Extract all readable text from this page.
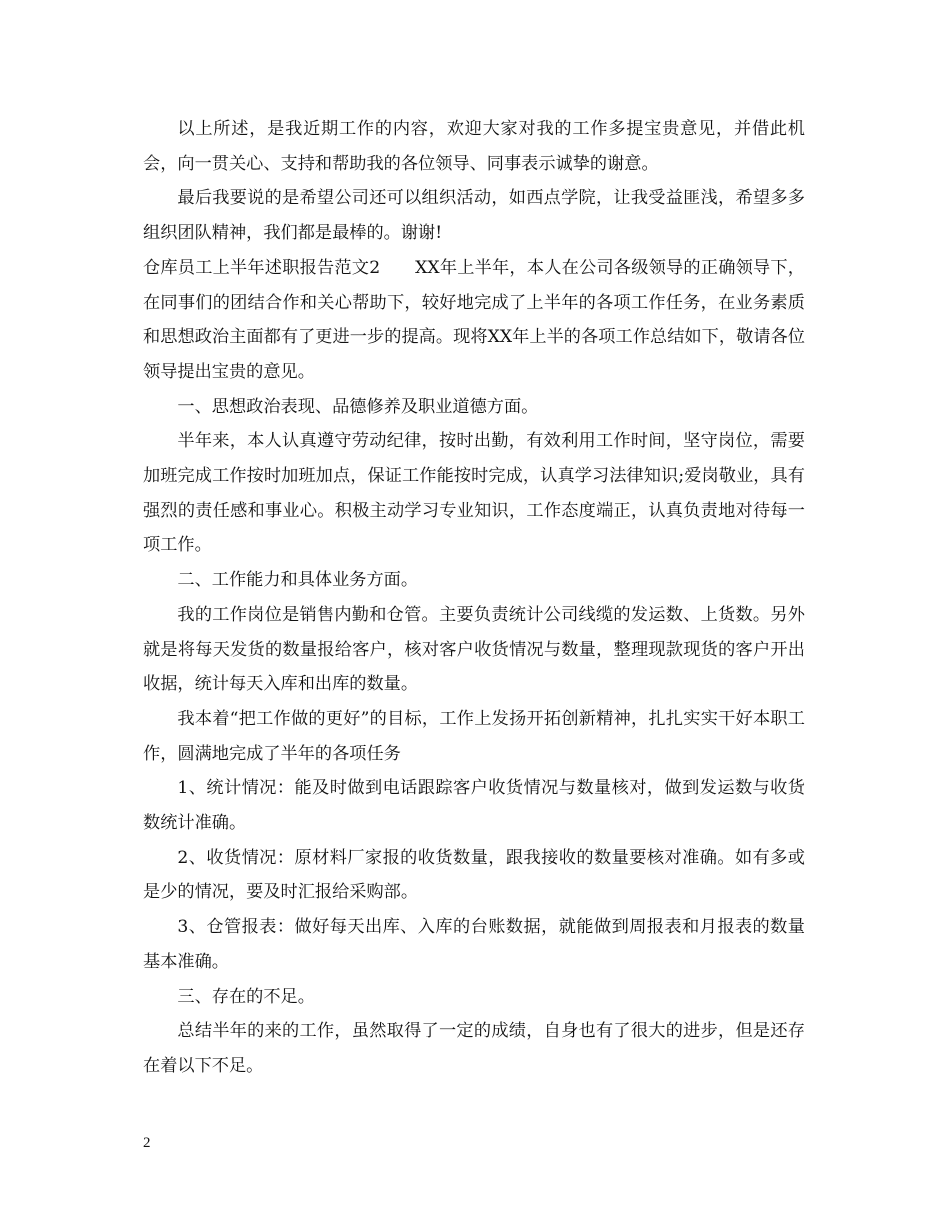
以上所述，是我近期工作的内容，欢迎大家对我的工作多提宝贵意见，并借此机会，向一贯关心、支持和帮助我的各位领导、同事表示诚挚的谢意。

最后我要说的是希望公司还可以组织活动，如西点学院，让我受益匪浅，希望多多组织团队精神，我们都是最棒的。谢谢!

仓库员工上半年述职报告范文2　　XX年上半年，本人在公司各级领导的正确领导下，在同事们的团结合作和关心帮助下，较好地完成了上半年的各项工作任务，在业务素质和思想政治主面都有了更进一步的提高。现将XX年上半的各项工作总结如下，敬请各位领导提出宝贵的意见。

一、思想政治表现、品德修养及职业道德方面。

半年来，本人认真遵守劳动纪律，按时出勤，有效利用工作时间，坚守岗位，需要加班完成工作按时加班加点，保证工作能按时完成，认真学习法律知识;爱岗敬业，具有强烈的责任感和事业心。积极主动学习专业知识，工作态度端正，认真负责地对待每一项工作。

二、工作能力和具体业务方面。

我的工作岗位是销售内勤和仓管。主要负责统计公司线缆的发运数、上货数。另外就是将每天发货的数量报给客户，核对客户收货情况与数量，整理现款现货的客户开出收据，统计每天入库和出库的数量。

我本着“把工作做的更好”的目标，工作上发扬开拓创新精神，扎扎实实干好本职工作，圆满地完成了半年的各项任务

1、统计情况：能及时做到电话跟踪客户收货情况与数量核对，做到发运数与收货数统计准确。

2、收货情况：原材料厂家报的收货数量，跟我接收的数量要核对准确。如有多或是少的情况，要及时汇报给采购部。

3、仓管报表：做好每天出库、入库的台账数据，就能做到周报表和月报表的数量基本准确。

三、存在的不足。

总结半年的来的工作，虽然取得了一定的成绩，自身也有了很大的进步，但是还存在着以下不足。

2
